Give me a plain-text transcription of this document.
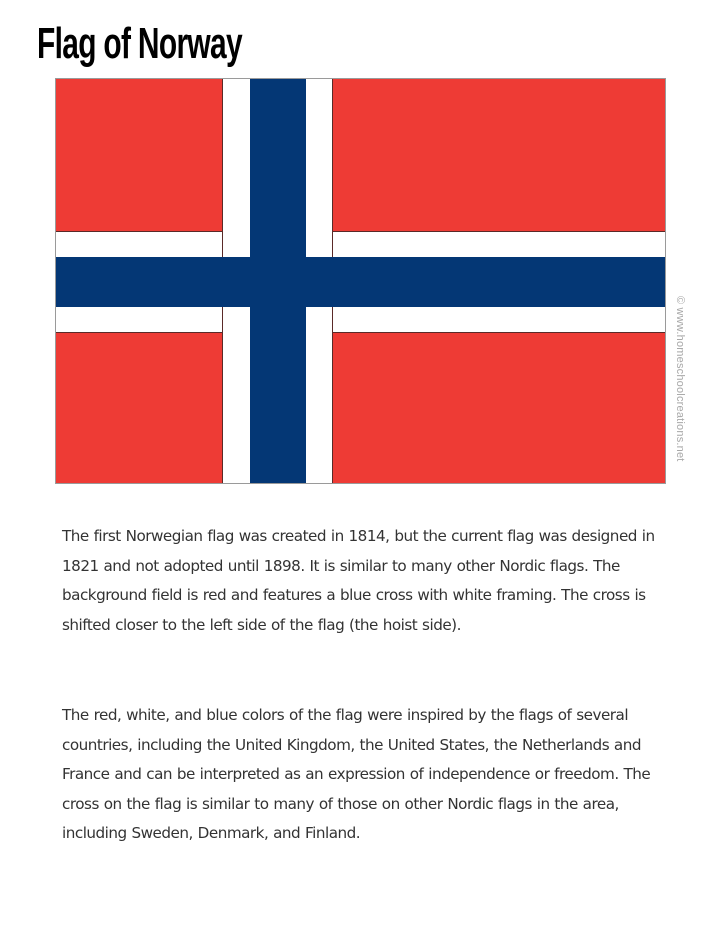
Flag of Norway
© www.homeschoolcreations.net

The first Norwegian flag was created in 1814, but the current flag was designed in 1821 and not adopted until 1898. It is similar to many other Nordic flags. The background field is red and features a blue cross with white framing. The cross is shifted closer to the left side of the flag (the hoist side).

The red, white, and blue colors of the flag were inspired by the flags of several countries, including the United Kingdom, the United States, the Netherlands and France and can be interpreted as an expression of independence or freedom. The cross on the flag is similar to many of those on other Nordic flags in the area, including Sweden, Denmark, and Finland.
